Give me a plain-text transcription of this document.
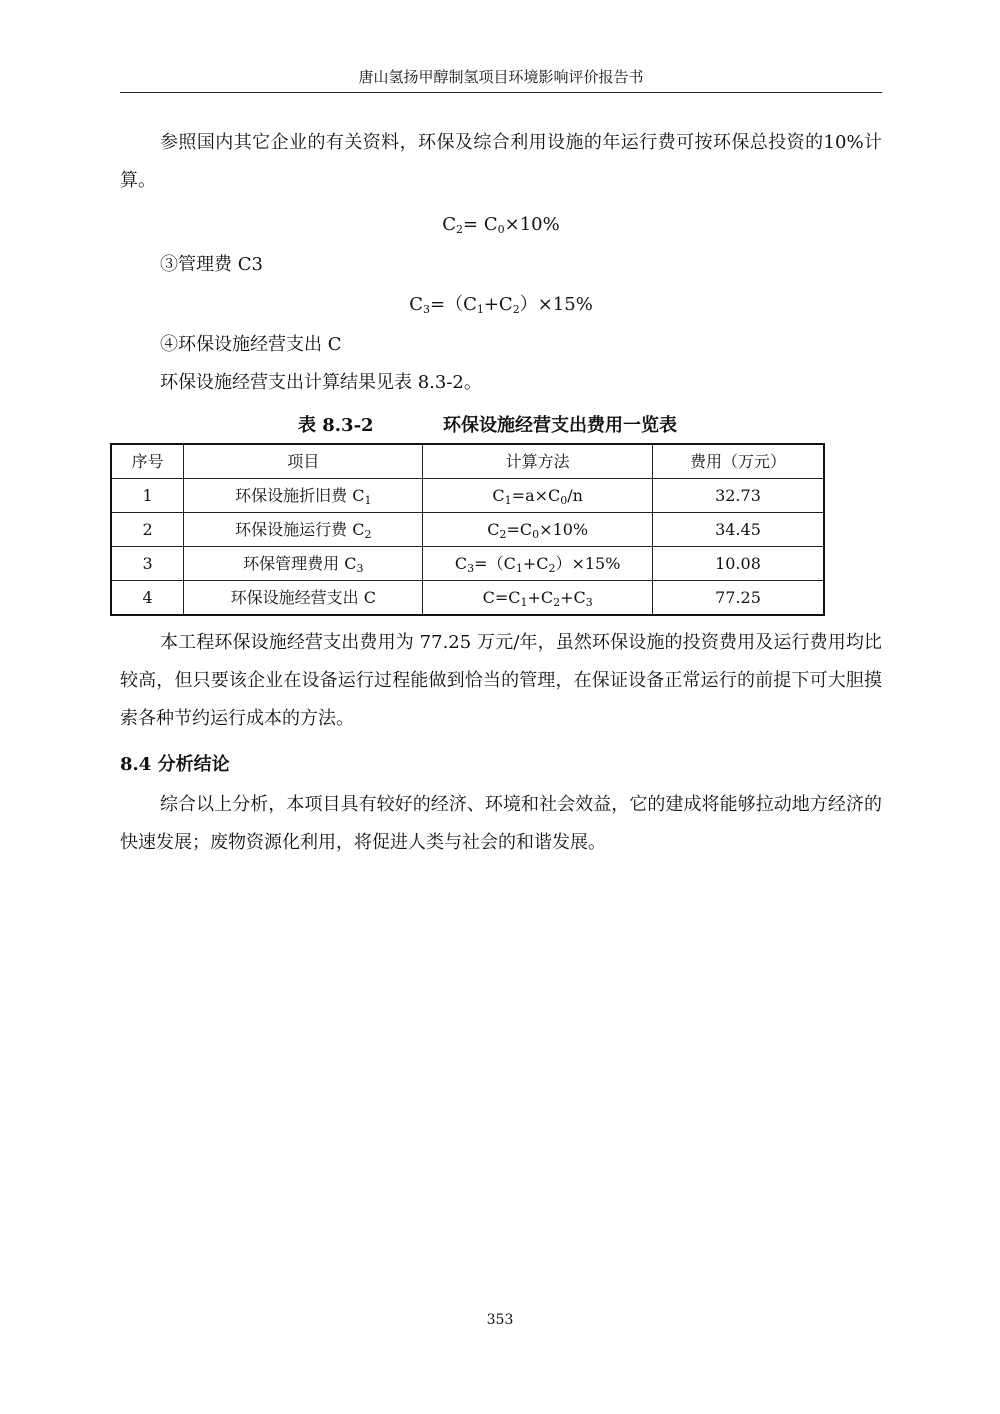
唐山氢扬甲醇制氢项目环境影响评价报告书

参照国内其它企业的有关资料，环保及综合利用设施的年运行费可按环保总投资的10%计算。

$C_2= C_0\times 10\%$

③管理费 C3

$C_3=(C_1+C_2)\times 15\%$

④环保设施经营支出 C

环保设施经营支出计算结果见表 8.3-2。

表 8.3-2	环保设施经营支出费用一览表
序号	项目	计算方法	费用（万元）
1	环保设施折旧费 $C_1$	$C_1=a\times C_0/n$	32.73
2	环保设施运行费 $C_2$	$C_2=C_0\times 10\%$	34.45
3	环保管理费用 $C_3$	$C_3=(C_1+C_2)\times 15\%$	10.08
4	环保设施经营支出 C	$C=C_1+C_2+C_3$	77.25

本工程环保设施经营支出费用为 77.25 万元/年，虽然环保设施的投资费用及运行费用均比较高，但只要该企业在设备运行过程能做到恰当的管理，在保证设备正常运行的前提下可大胆摸索各种节约运行成本的方法。

8.4 分析结论

综合以上分析，本项目具有较好的经济、环境和社会效益，它的建成将能够拉动地方经济的快速发展；废物资源化利用，将促进人类与社会的和谐发展。

353
